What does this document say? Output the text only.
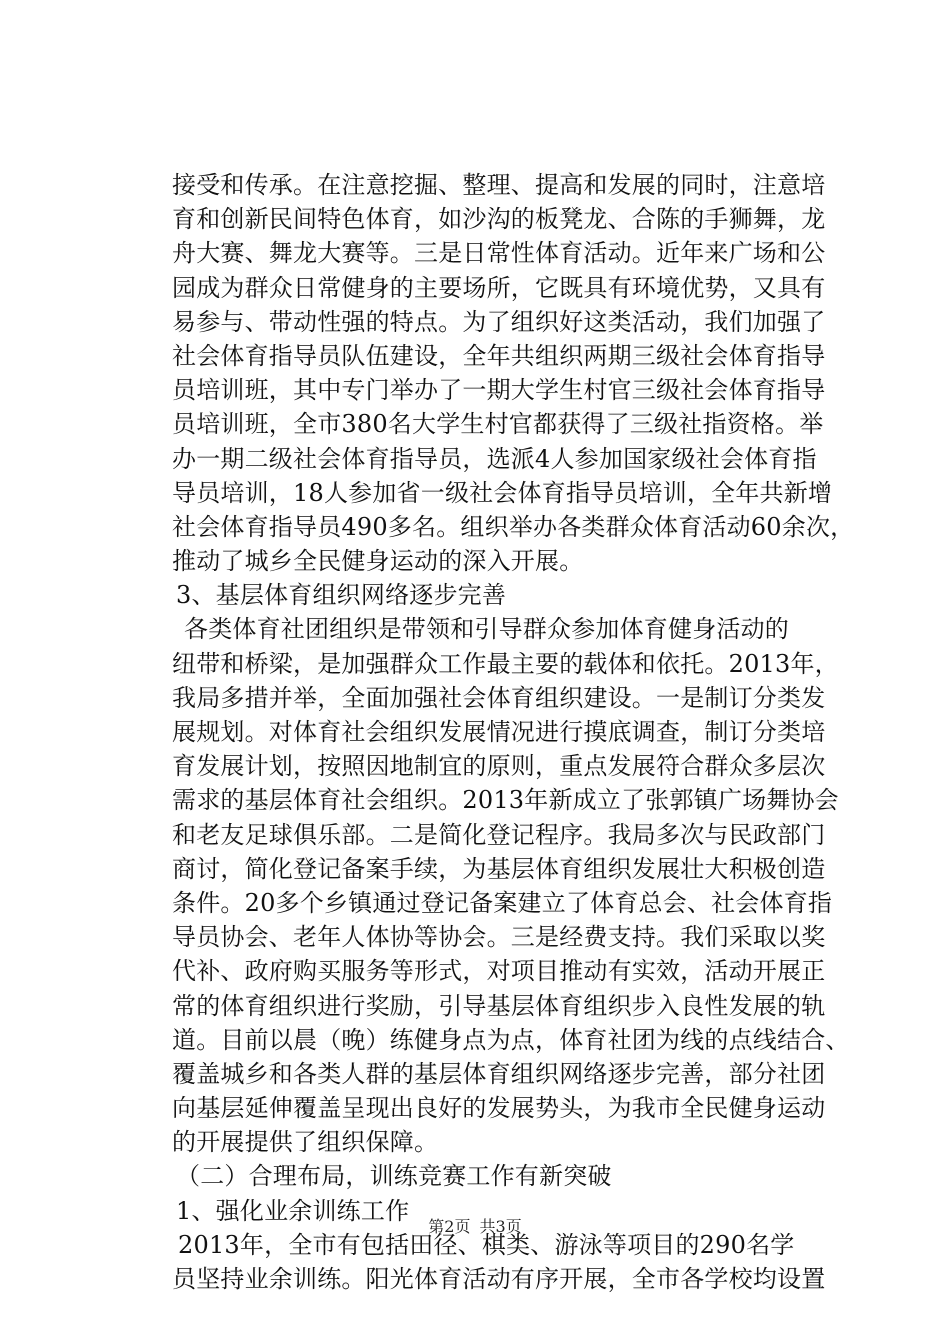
接受和传承。在注意挖掘、整理、提高和发展的同时，注意培
育和创新民间特色体育，如沙沟的板凳龙、合陈的手狮舞，龙
舟大赛、舞龙大赛等。三是日常性体育活动。近年来广场和公
园成为群众日常健身的主要场所，它既具有环境优势，又具有
易参与、带动性强的特点。为了组织好这类活动，我们加强了
社会体育指导员队伍建设，全年共组织两期三级社会体育指导
员培训班，其中专门举办了一期大学生村官三级社会体育指导
员培训班，全市380名大学生村官都获得了三级社指资格。举
办一期二级社会体育指导员，选派4人参加国家级社会体育指
导员培训，18人参加省一级社会体育指导员培训，全年共新增
社会体育指导员490多名。组织举办各类群众体育活动60余次，
推动了城乡全民健身运动的深入开展。
3、基层体育组织网络逐步完善
各类体育社团组织是带领和引导群众参加体育健身活动的
纽带和桥梁，是加强群众工作最主要的载体和依托。2013年，
我局多措并举，全面加强社会体育组织建设。一是制订分类发
展规划。对体育社会组织发展情况进行摸底调查，制订分类培
育发展计划，按照因地制宜的原则，重点发展符合群众多层次
需求的基层体育社会组织。2013年新成立了张郭镇广场舞协会
和老友足球俱乐部。二是简化登记程序。我局多次与民政部门
商讨，简化登记备案手续，为基层体育组织发展壮大积极创造
条件。20多个乡镇通过登记备案建立了体育总会、社会体育指
导员协会、老年人体协等协会。三是经费支持。我们采取以奖
代补、政府购买服务等形式，对项目推动有实效，活动开展正
常的体育组织进行奖励，引导基层体育组织步入良性发展的轨
道。目前以晨（晚）练健身点为点，体育社团为线的点线结合、
覆盖城乡和各类人群的基层体育组织网络逐步完善，部分社团
向基层延伸覆盖呈现出良好的发展势头，为我市全民健身运动
的开展提供了组织保障。
（二）合理布局，训练竞赛工作有新突破
1、强化业余训练工作
2013年，全市有包括田径、棋类、游泳等项目的290名学
员坚持业余训练。阳光体育活动有序开展，全市各学校均设置
第2页 共3页
